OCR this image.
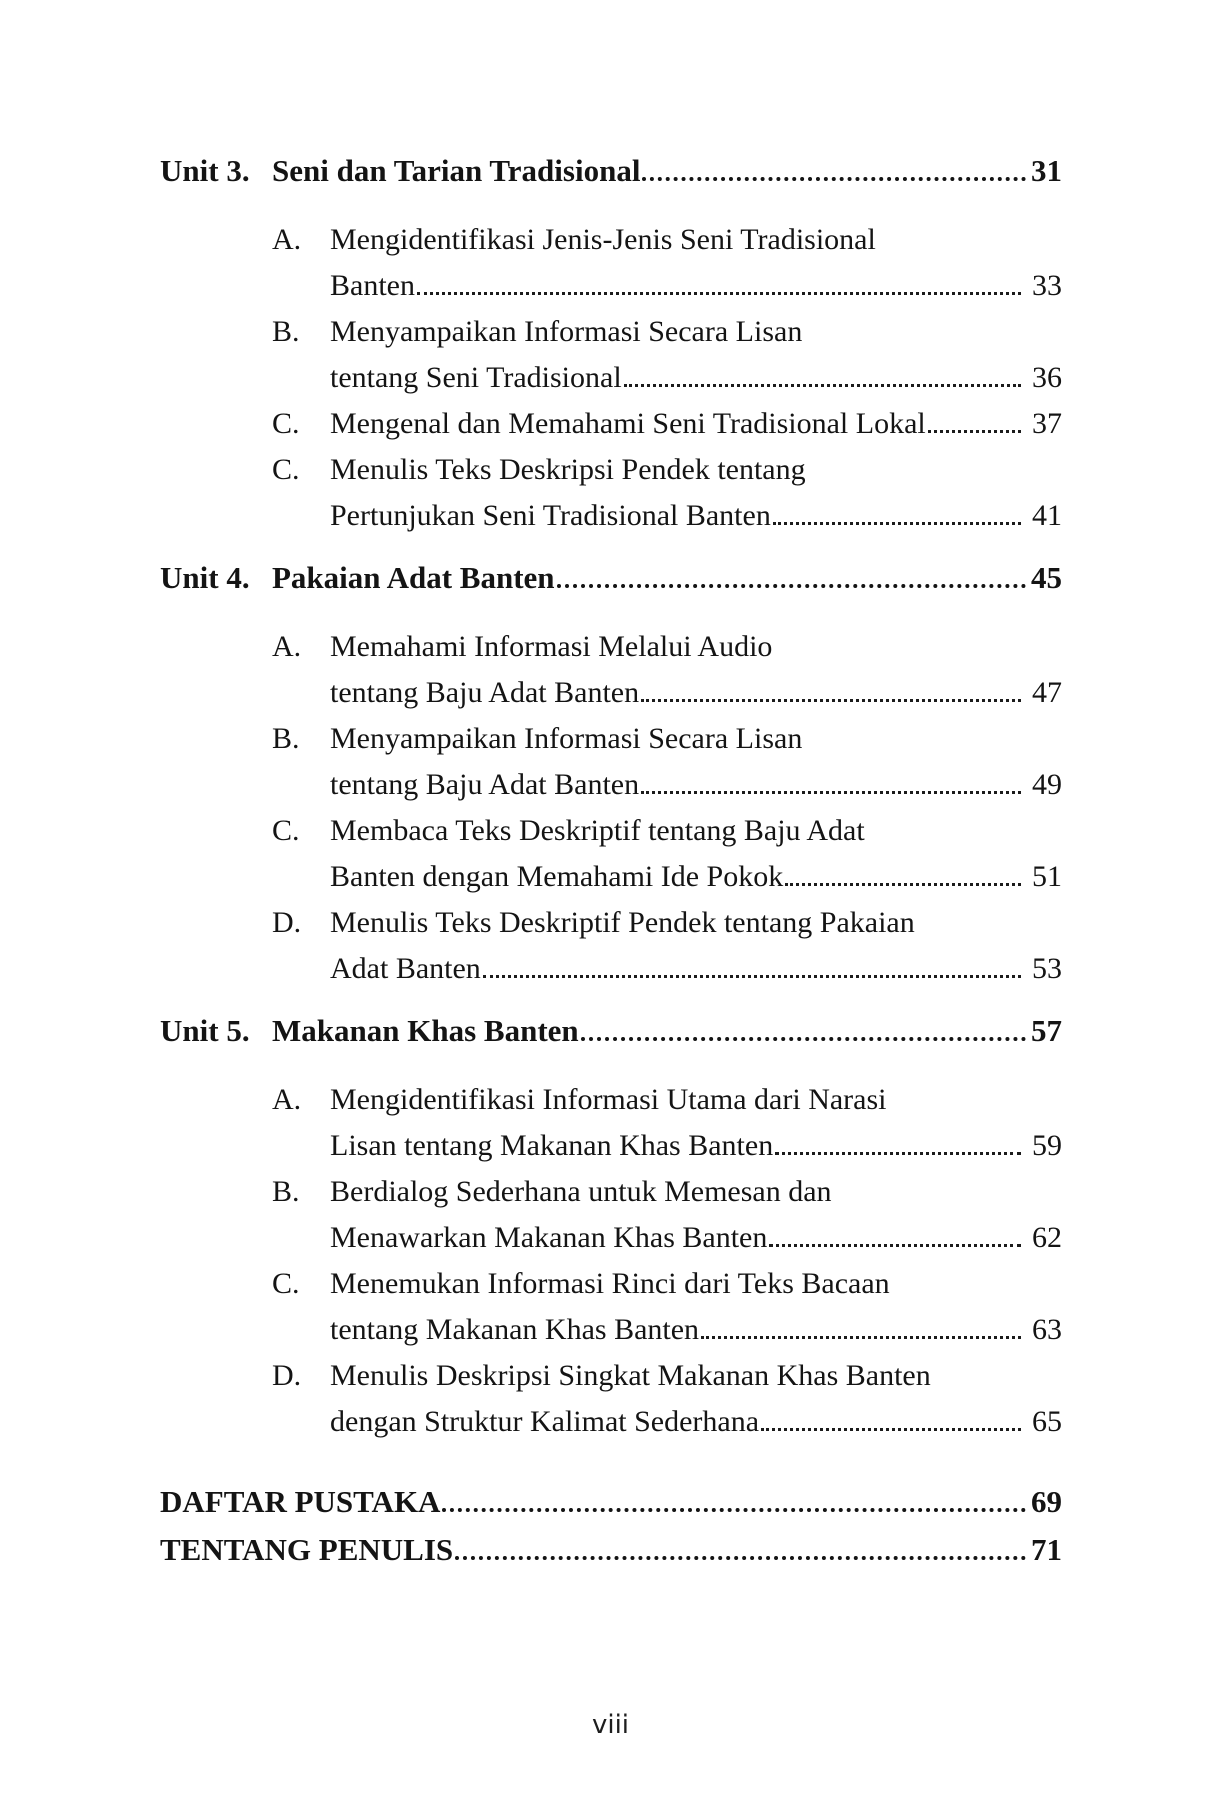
Unit 3. Seni dan Tarian Tradisional	31
A. Mengidentifikasi Jenis-Jenis Seni Tradisional
Banten	33
B.	Menyampaikan Informasi Secara Lisan
tentang Seni Tradisional	36
C.	Mengenal dan Memahami Seni Tradisional Lokal	37
C.	Menulis Teks Deskripsi Pendek tentang
Pertunjukan Seni Tradisional Banten	41
Unit 4. Pakaian Adat Banten	45
A. Memahami Informasi Melalui Audio
tentang Baju Adat Banten	47
B.	Menyampaikan Informasi Secara Lisan
tentang Baju Adat Banten	49
C.	Membaca Teks Deskriptif tentang Baju Adat
Banten dengan Memahami Ide Pokok	51
D. Menulis Teks Deskriptif Pendek tentang Pakaian
Adat Banten	53
Unit 5. Makanan Khas Banten	57
A. Mengidentifikasi Informasi Utama dari Narasi
Lisan tentang Makanan Khas Banten	59
B.	Berdialog Sederhana untuk Memesan dan
Menawarkan Makanan Khas Banten	62
C.	Menemukan Informasi Rinci dari Teks Bacaan
tentang Makanan Khas Banten	63
D. Menulis Deskripsi Singkat Makanan Khas Banten
dengan Struktur Kalimat Sederhana	65
DAFTAR PUSTAKA	69
TENTANG PENULIS	71
viii
